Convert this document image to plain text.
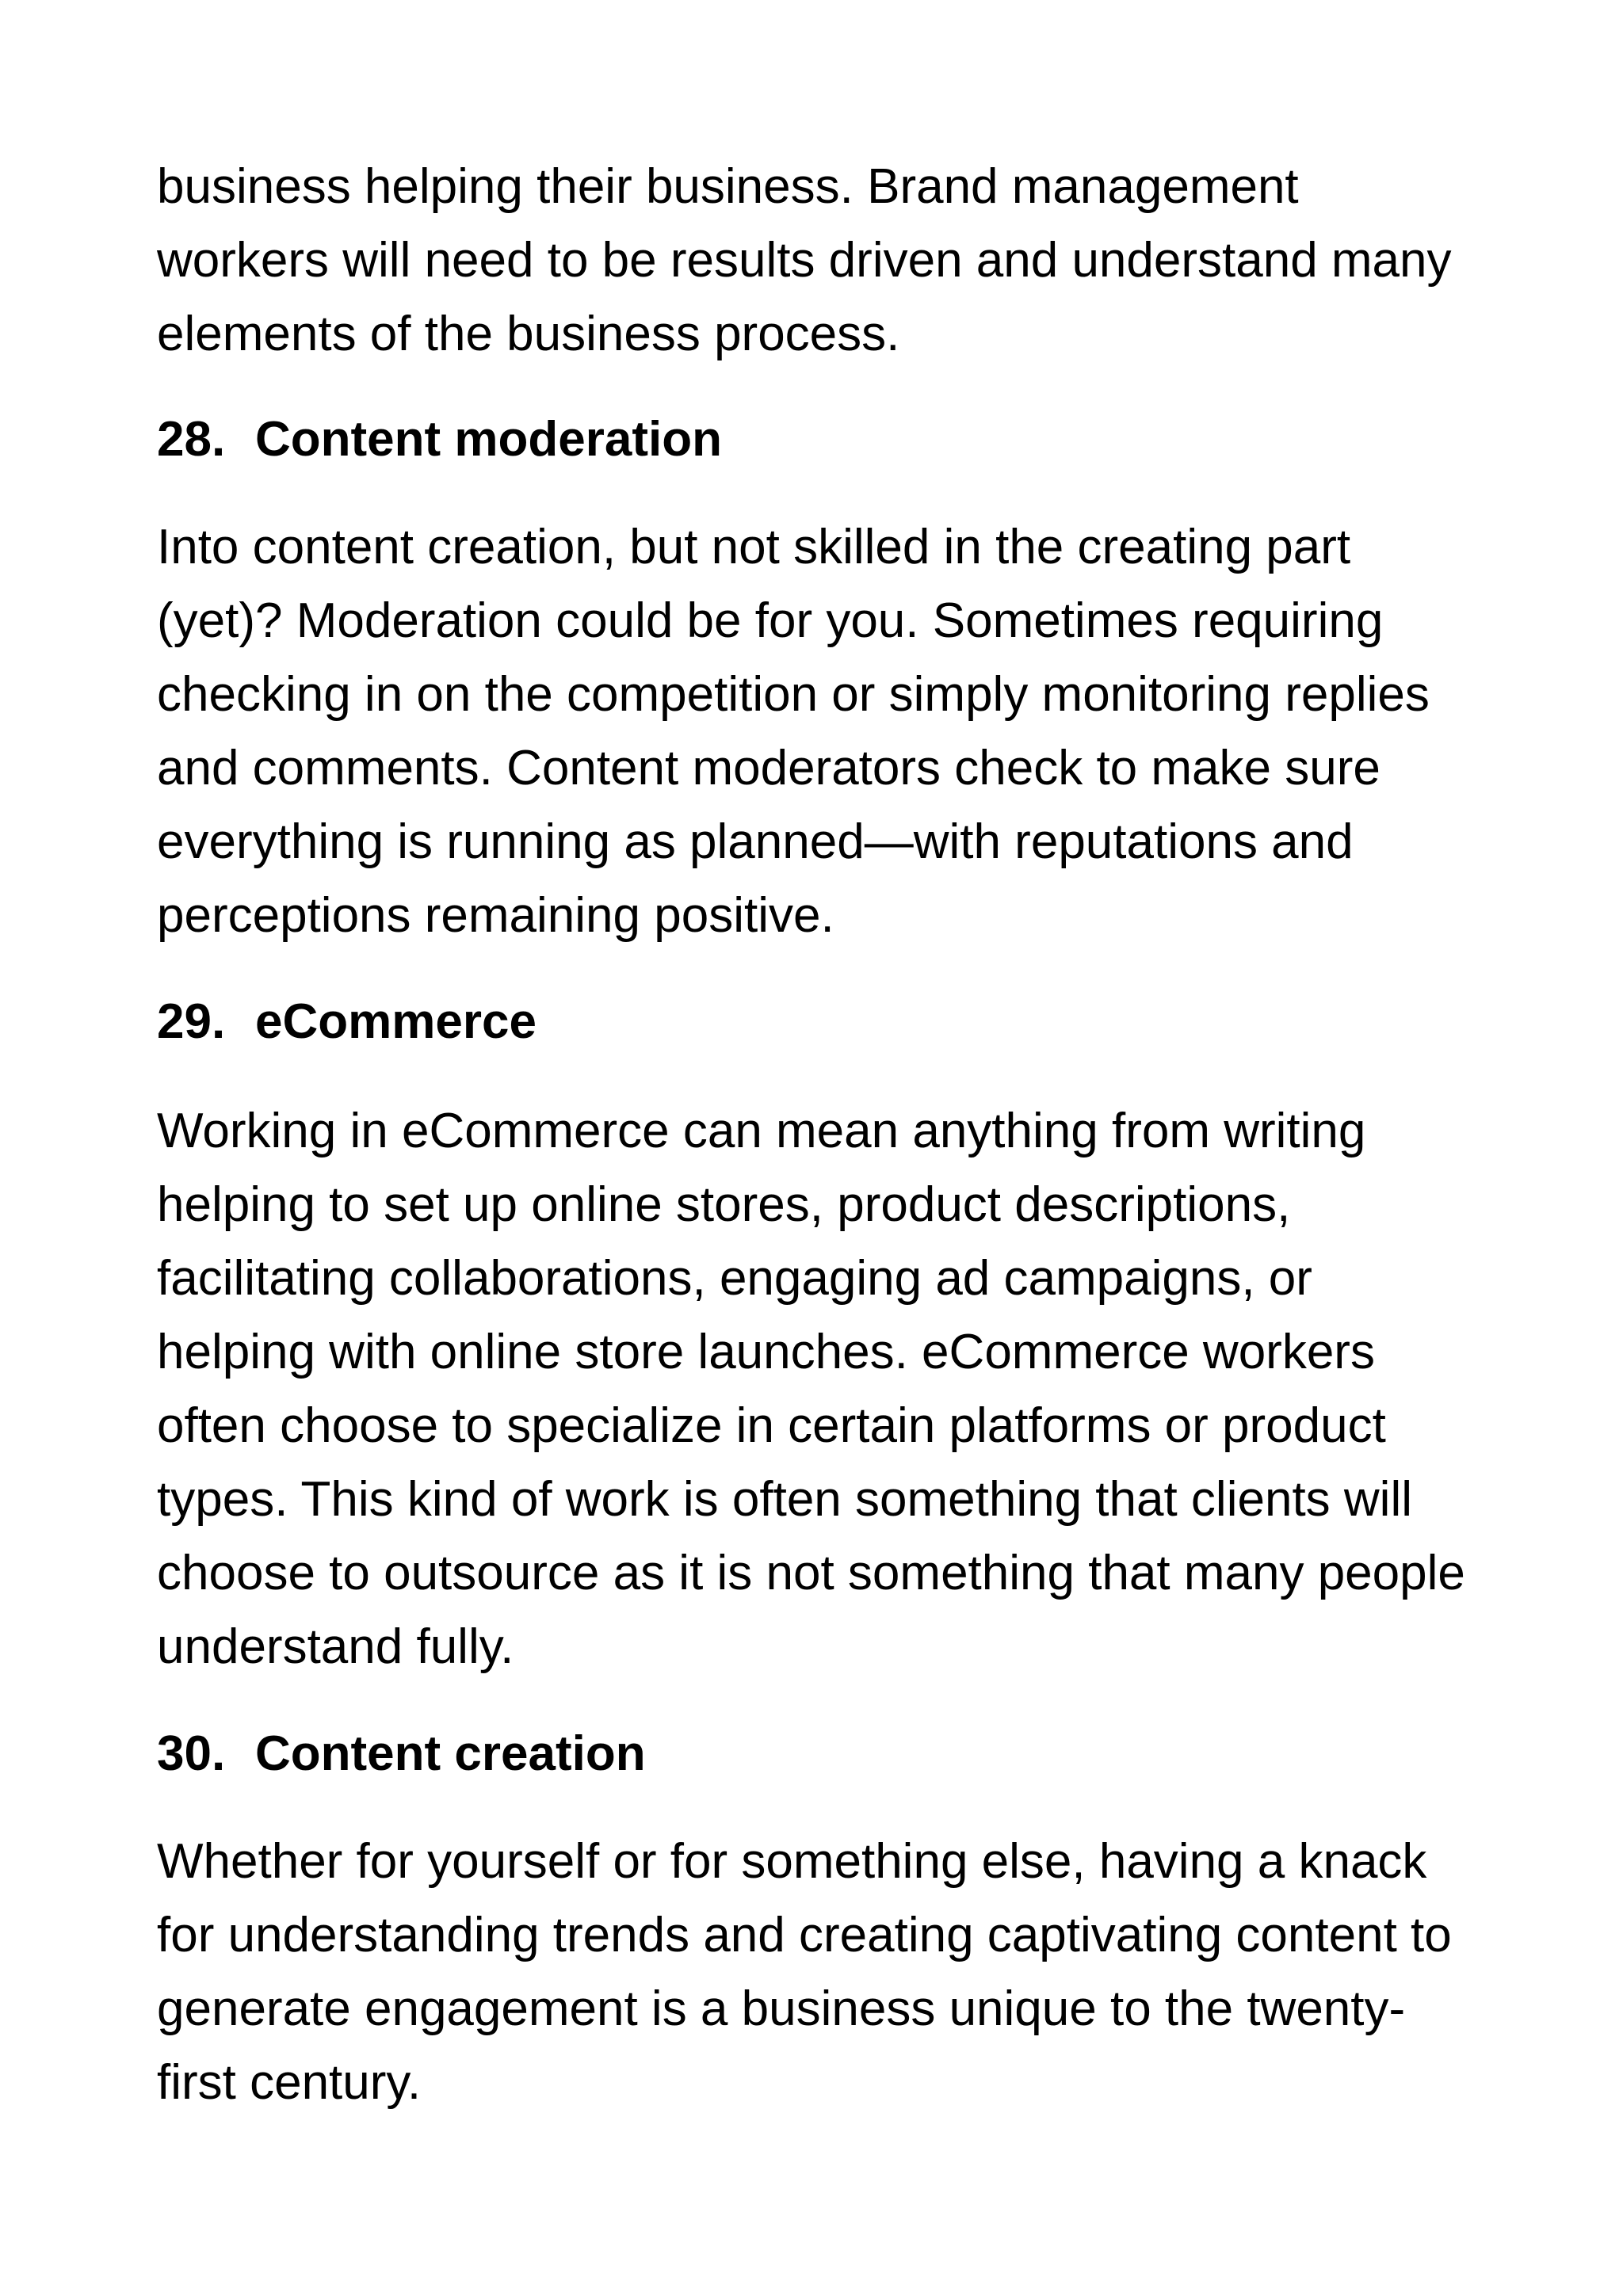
business helping their business. Brand management
workers will need to be results driven and understand many
elements of the business process.
28. Content moderation
Into content creation, but not skilled in the creating part
(yet)? Moderation could be for you. Sometimes requiring
checking in on the competition or simply monitoring replies
and comments. Content moderators check to make sure
everything is running as planned—with reputations and
perceptions remaining positive.
29. eCommerce
Working in eCommerce can mean anything from writing
helping to set up online stores, product descriptions,
facilitating collaborations, engaging ad campaigns, or
helping with online store launches. eCommerce workers
often choose to specialize in certain platforms or product
types. This kind of work is often something that clients will
choose to outsource as it is not something that many people
understand fully.
30. Content creation
Whether for yourself or for something else, having a knack
for understanding trends and creating captivating content to
generate engagement is a business unique to the twenty-
first century.
